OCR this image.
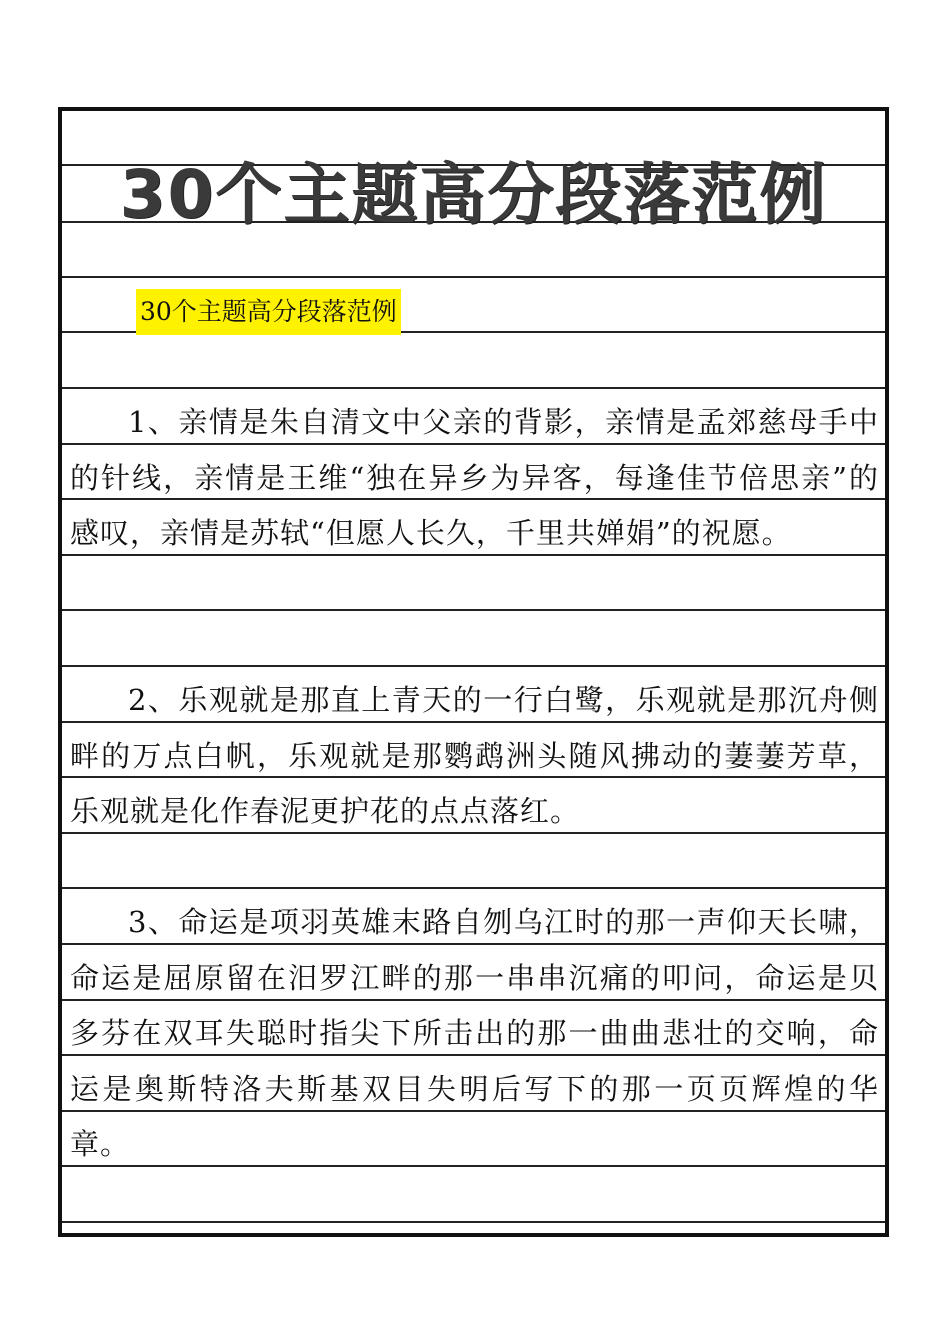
30个主题高分段落范例
30个主题高分段落范例

1、亲情是朱自清文中父亲的背影，亲情是孟郊慈母手中的针线，亲情是王维“独在异乡为异客，每逢佳节倍思亲”的感叹，亲情是苏轼“但愿人长久，千里共婵娟”的祝愿。

2、乐观就是那直上青天的一行白鹭，乐观就是那沉舟侧畔的万点白帆，乐观就是那鹦鹉洲头随风拂动的萋萋芳草，乐观就是化作春泥更护花的点点落红。

3、命运是项羽英雄末路自刎乌江时的那一声仰天长啸，命运是屈原留在汨罗江畔的那一串串沉痛的叩问，命运是贝多芬在双耳失聪时指尖下所击出的那一曲曲悲壮的交响，命运是奥斯特洛夫斯基双目失明后写下的那一页页辉煌的华章。
